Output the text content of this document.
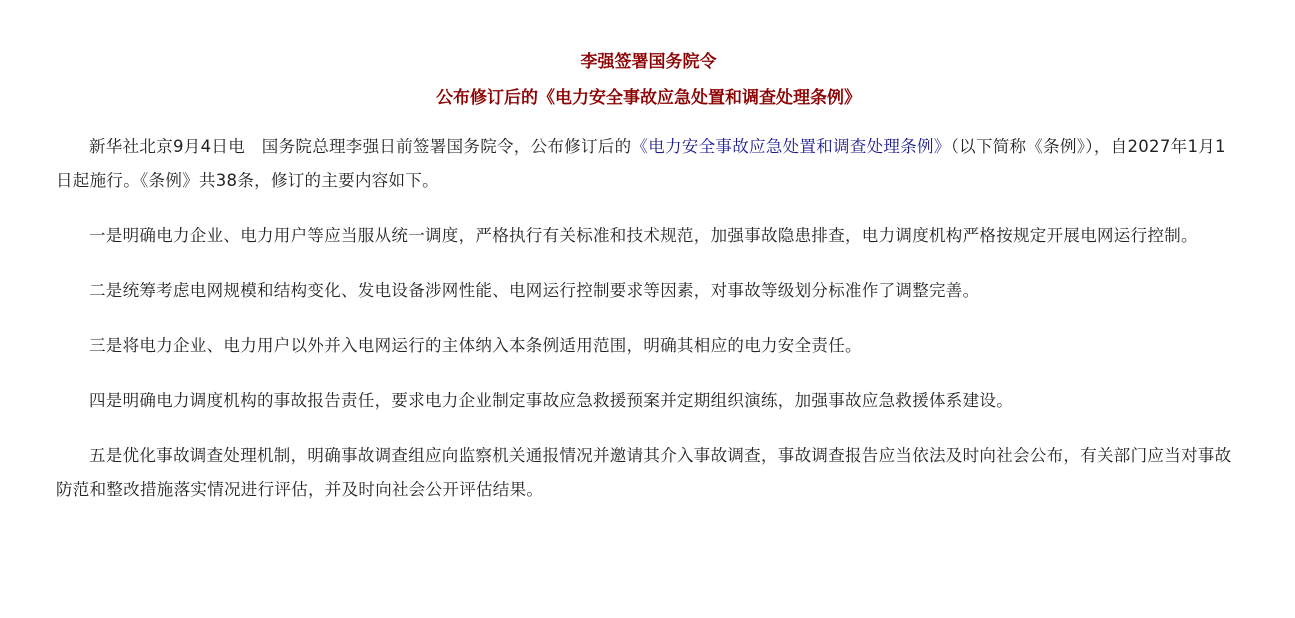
李强签署国务院令
公布修订后的《电力安全事故应急处置和调查处理条例》

新华社北京9月4日电　国务院总理李强日前签署国务院令，公布修订后的《电力安全事故应急处置和调查处理条例》（以下简称《条例》），自2027年1月1日起施行。《条例》共38条，修订的主要内容如下。

一是明确电力企业、电力用户等应当服从统一调度，严格执行有关标准和技术规范，加强事故隐患排查，电力调度机构严格按规定开展电网运行控制。

二是统筹考虑电网规模和结构变化、发电设备涉网性能、电网运行控制要求等因素，对事故等级划分标准作了调整完善。

三是将电力企业、电力用户以外并入电网运行的主体纳入本条例适用范围，明确其相应的电力安全责任。

四是明确电力调度机构的事故报告责任，要求电力企业制定事故应急救援预案并定期组织演练，加强事故应急救援体系建设。

五是优化事故调查处理机制，明确事故调查组应向监察机关通报情况并邀请其介入事故调查，事故调查报告应当依法及时向社会公布，有关部门应当对事故防范和整改措施落实情况进行评估，并及时向社会公开评估结果。
